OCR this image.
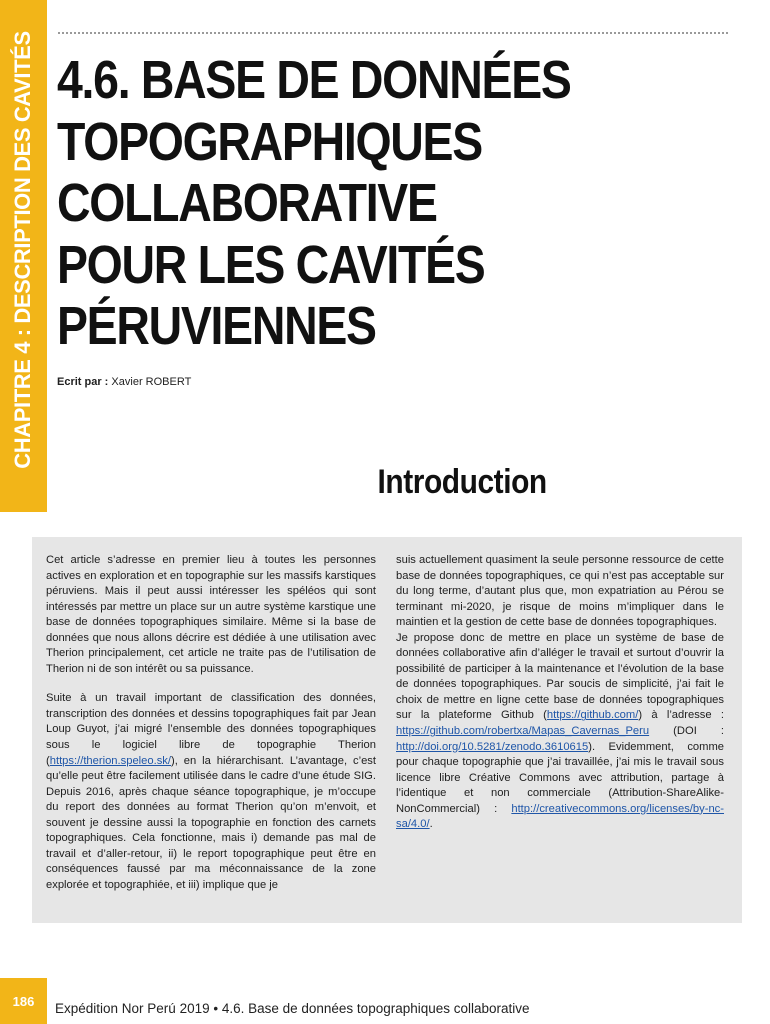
CHAPITRE 4 : DESCRIPTION DES CAVITÉS 4.6. BASE DE DONNÉES
TOPOGRAPHIQUES
COLLABORATIVE
POUR LES CAVITÉS
PÉRUVIENNES
Ecrit par : Xavier ROBERT
Introduction

Cet article s’adresse en premier lieu à toutes les personnes actives en exploration et en topographie sur les massifs karstiques péruviens. Mais il peut aussi intéresser les spéléos qui sont intéressés par mettre un place sur un autre système karstique une base de données topographiques similaire. Même si la base de données que nous allons décrire est dédiée à une utilisation avec Therion principalement, cet article ne traite pas de l’utilisation de Therion ni de son intérêt ou sa puissance.

Suite à un travail important de classification des données, transcription des données et dessins topographiques fait par Jean Loup Guyot, j’ai migré l’ensemble des données topographiques sous le logiciel libre de topographie Therion (https://therion.speleo.sk/), en la hiérarchisant. L’avantage, c’est qu’elle peut être facilement utilisée dans le cadre d’une étude SIG. Depuis 2016, après chaque séance topographique, je m’occupe du report des données au format Therion qu’on m’envoit, et souvent je dessine aussi la topographie en fonction des carnets topographiques. Cela fonctionne, mais i) demande pas mal de travail et d’aller-retour, ii) le report topographique peut être en conséquences faussé par ma méconnaissance de la zone explorée et topographiée, et iii) implique que je

suis actuellement quasiment la seule personne ressource de cette base de données topographiques, ce qui n’est pas acceptable sur du long terme, d’autant plus que, mon expatriation au Pérou se terminant mi-2020, je risque de moins m’impliquer dans le maintien et la gestion de cette base de données topographiques.

Je propose donc de mettre en place un système de base de données collaborative afin d’alléger le travail et surtout d’ouvrir la possibilité de participer à la maintenance et l’évolution de la base de données topographiques. Par soucis de simplicité, j’ai fait le choix de mettre en ligne cette base de données topographiques sur la plateforme Github (https://github.com/) à l’adresse : https://github.com/robertxa/Mapas_Cavernas_Peru (DOI : http://doi.org/10.5281/zenodo.3610615). Evidemment, comme pour chaque topographie que j’ai travaillée, j’ai mis le travail sous licence libre Créative Commons avec attribution, partage à l’identique et non commerciale (Attribution-ShareAlike-NonCommercial) : http://creativecommons.org/licenses/by-nc-sa/4.0/.

186	Expédition Nor Perú 2019 • 4.6. Base de données topographiques collaborative
